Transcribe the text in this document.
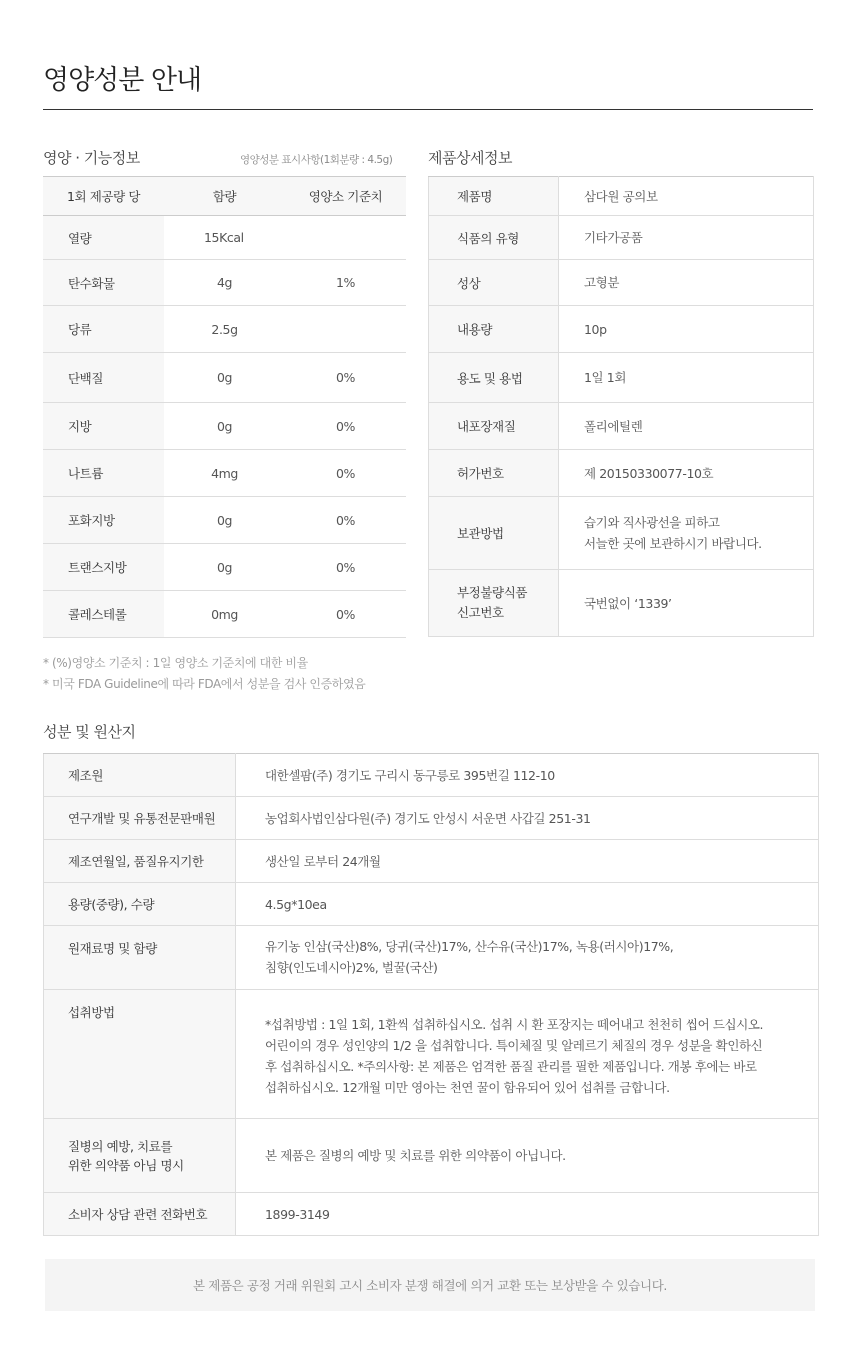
영양성분 안내
영양 · 기능정보	영양성분 표시사항(1회분량 : 4.5g)
1회 제공량 당	함량	영양소 기준치
열량	15Kcal	
탄수화물	4g	1%
당류	2.5g	
단백질	0g	0%
지방	0g	0%
나트륨	4mg	0%
포화지방	0g	0%
트랜스지방	0g	0%
콜레스테롤	0mg	0%
제품상세정보
제품명	삼다원 공의보
식품의 유형	기타가공품
성상	고형분
내용량	10p
용도 및 용법	1일 1회
내포장재질	폴리에틸렌
허가번호	제 20150330077-10호
보관방법	습기와 직사광선을 피하고
서늘한 곳에 보관하시기 바랍니다.

부정불량식품
신고번호	국번없이 ‘1339’
* (%)영양소 기준치 : 1일 영양소 기준치에 대한 비율
* 미국 FDA Guideline에 따라 FDA에서 성분을 검사 인증하였음
성분 및 원산지
제조원	대한셀팜(주) 경기도 구리시 동구릉로 395번길 112-10
연구개발 및 유통전문판매원	농업회사법인삼다원(주) 경기도 안성시 서운면 사갑길 251-31
제조연월일, 품질유지기한	생산일 로부터 24개월
용량(중량), 수량	4.5g*10ea
원재료명 및 함량	유기농 인삼(국산)8%, 당귀(국산)17%, 산수유(국산)17%, 녹용(러시아)17%,
침향(인도네시아)2%, 벌꿀(국산)

섭취방법	*섭취방법 : 1일 1회, 1환씩 섭취하십시오. 섭취 시 환 포장지는 떼어내고 천천히 씹어 드십시오.
어린이의 경우 성인양의 1/2 을 섭취합니다. 특이체질 및 알레르기 체질의 경우 성분을 확인하신
후 섭취하십시오. *주의사항: 본 제품은 엄격한 품질 관리를 필한 제품입니다. 개봉 후에는 바로
섭취하십시오. 12개월 미만 영아는 천연 꿀이 함유되어 있어 섭취를 금합니다.

질병의 예방, 치료를
위한 의약품 아님 명시	본 제품은 질병의 예방 및 치료를 위한 의약품이 아닙니다.
소비자 상담 관련 전화번호	1899-3149
본 제품은 공정 거래 위원회 고시 소비자 분쟁 해결에 의거 교환 또는 보상받을 수 있습니다.
